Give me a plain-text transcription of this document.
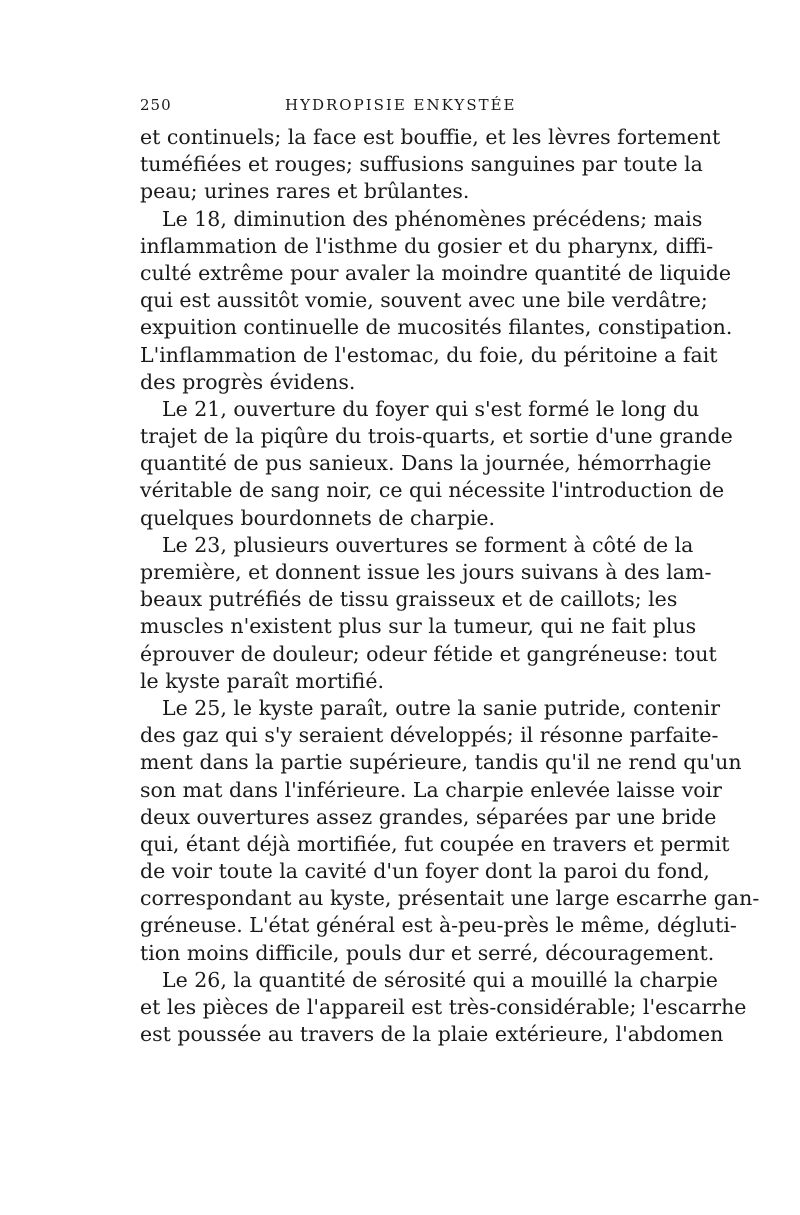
250	HYDROPISIE ENKYSTÉE
et continuels; la face est bouffie, et les lèvres fortement
tuméfiées et rouges; suffusions sanguines par toute la
peau; urines rares et brûlantes.
Le 18, diminution des phénomènes précédens; mais
inflammation de l'isthme du gosier et du pharynx, diffi-
culté extrême pour avaler la moindre quantité de liquide
qui est aussitôt vomie, souvent avec une bile verdâtre;
expuition continuelle de mucosités filantes, constipation.
L'inflammation de l'estomac, du foie, du péritoine a fait
des progrès évidens.
Le 21, ouverture du foyer qui s'est formé le long du
trajet de la piqûre du trois-quarts, et sortie d'une grande
quantité de pus sanieux. Dans la journée, hémorrhagie
véritable de sang noir, ce qui nécessite l'introduction de
quelques bourdonnets de charpie.
Le 23, plusieurs ouvertures se forment à côté de la
première, et donnent issue les jours suivans à des lam-
beaux putréfiés de tissu graisseux et de caillots; les
muscles n'existent plus sur la tumeur, qui ne fait plus
éprouver de douleur; odeur fétide et gangréneuse: tout
le kyste paraît mortifié.
Le 25, le kyste paraît, outre la sanie putride, contenir
des gaz qui s'y seraient développés; il résonne parfaite-
ment dans la partie supérieure, tandis qu'il ne rend qu'un
son mat dans l'inférieure. La charpie enlevée laisse voir
deux ouvertures assez grandes, séparées par une bride
qui, étant déjà mortifiée, fut coupée en travers et permit
de voir toute la cavité d'un foyer dont la paroi du fond,
correspondant au kyste, présentait une large escarrhe gan-
gréneuse. L'état général est à-peu-près le même, dégluti-
tion moins difficile, pouls dur et serré, découragement.
Le 26, la quantité de sérosité qui a mouillé la charpie
et les pièces de l'appareil est très-considérable; l'escarrhe
est poussée au travers de la plaie extérieure, l'abdomen
